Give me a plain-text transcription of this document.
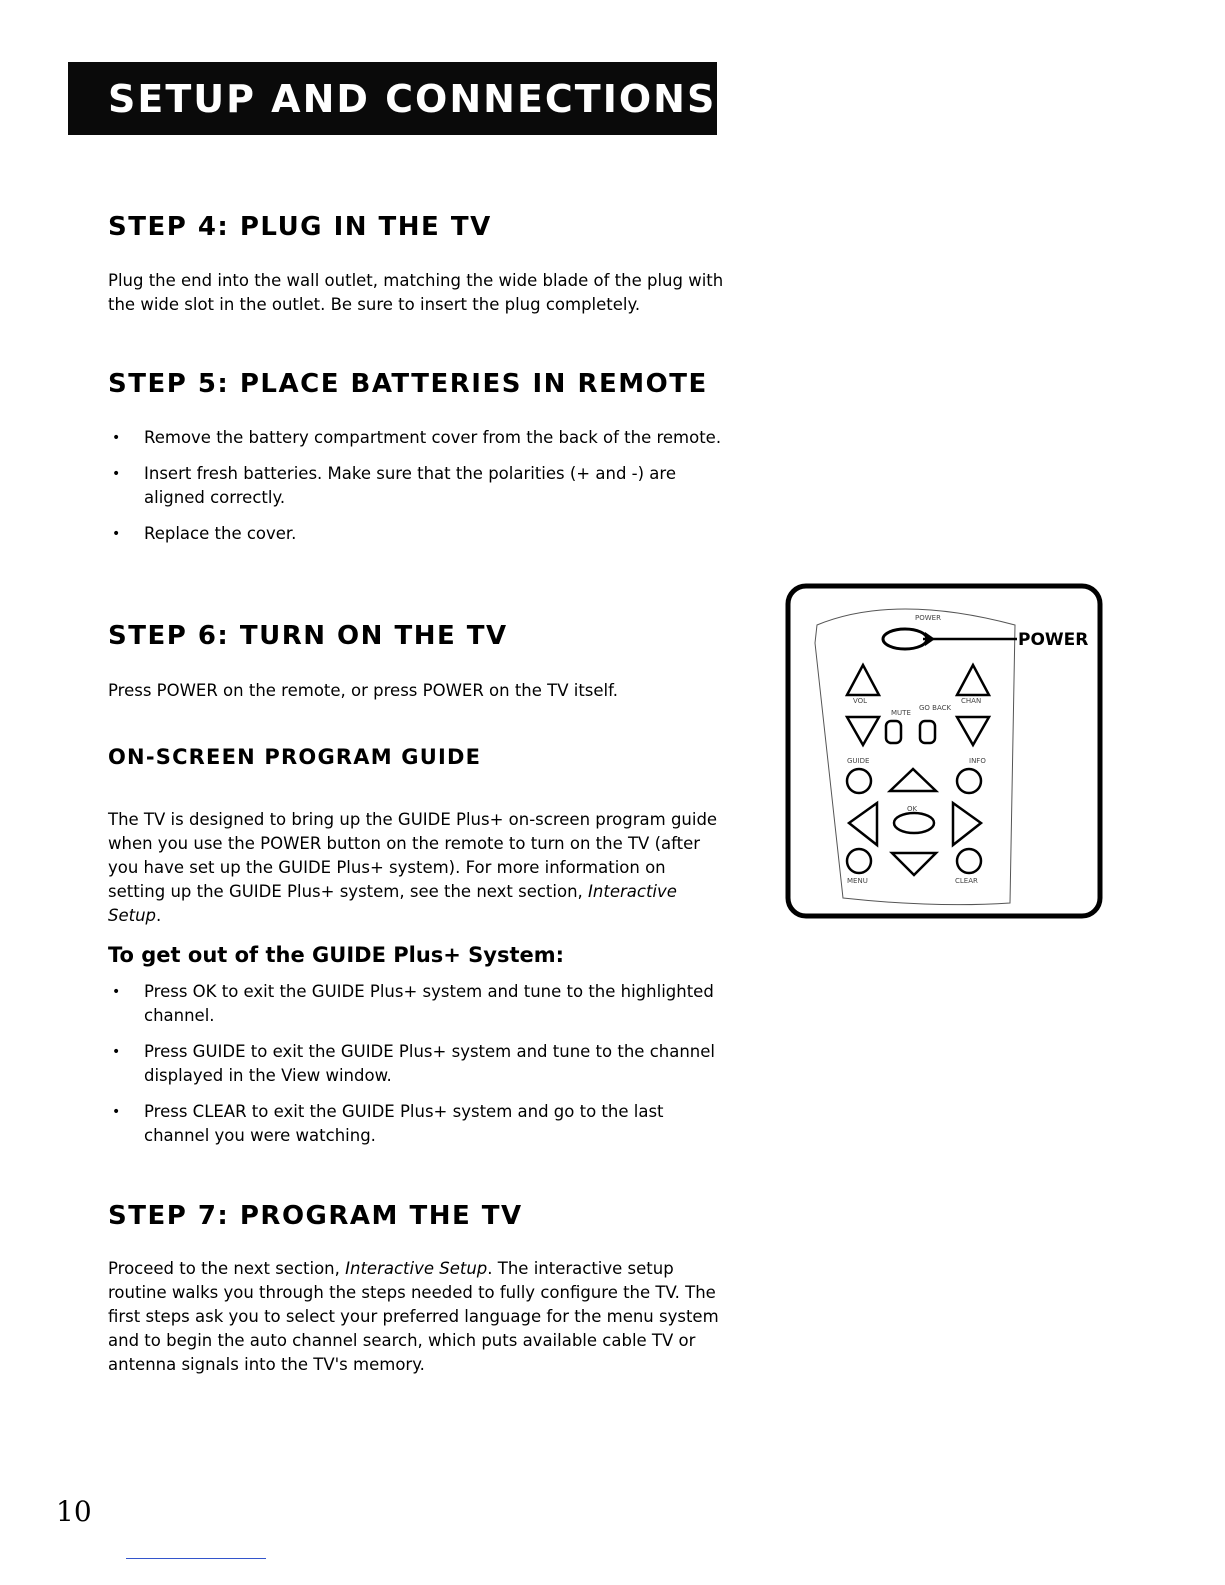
SETUP AND CONNECTIONS
STEP 4: PLUG IN THE TV

Plug the end into the wall outlet, matching the wide blade of the plug with the wide slot in the outlet. Be sure to insert the plug completely.

STEP 5: PLACE BATTERIES IN REMOTE
• Remove the battery compartment cover from the back of the remote.
• Insert fresh batteries. Make sure that the polarities (+ and -) are aligned correctly.
• Replace the cover.
STEP 6: TURN ON THE TV

Press POWER on the remote, or press POWER on the TV itself.

ON-SCREEN PROGRAM GUIDE

The TV is designed to bring up the GUIDE Plus+ on-screen program guide when you use the POWER button on the remote to turn on the TV (after you have set up the GUIDE Plus+ system). For more information on setting up the GUIDE Plus+ system, see the next section, Interactive Setup.

To get out of the GUIDE Plus+ System:
• Press OK to exit the GUIDE Plus+ system and tune to the highlighted channel.
• Press GUIDE to exit the GUIDE Plus+ system and tune to the channel displayed in the View window.
• Press CLEAR to exit the GUIDE Plus+ system and go to the last channel you were watching.
STEP 7: PROGRAM THE TV

Proceed to the next section, Interactive Setup. The interactive setup routine walks you through the steps needed to fully configure the TV. The first steps ask you to select your preferred language for the menu system and to begin the auto channel search, which puts available cable TV or antenna signals into the TV's memory.

POWER
VOL	CHAN
MUTE
GO BACK
GUIDE	INFO
OK
MENU	CLEAR
POWER
10
